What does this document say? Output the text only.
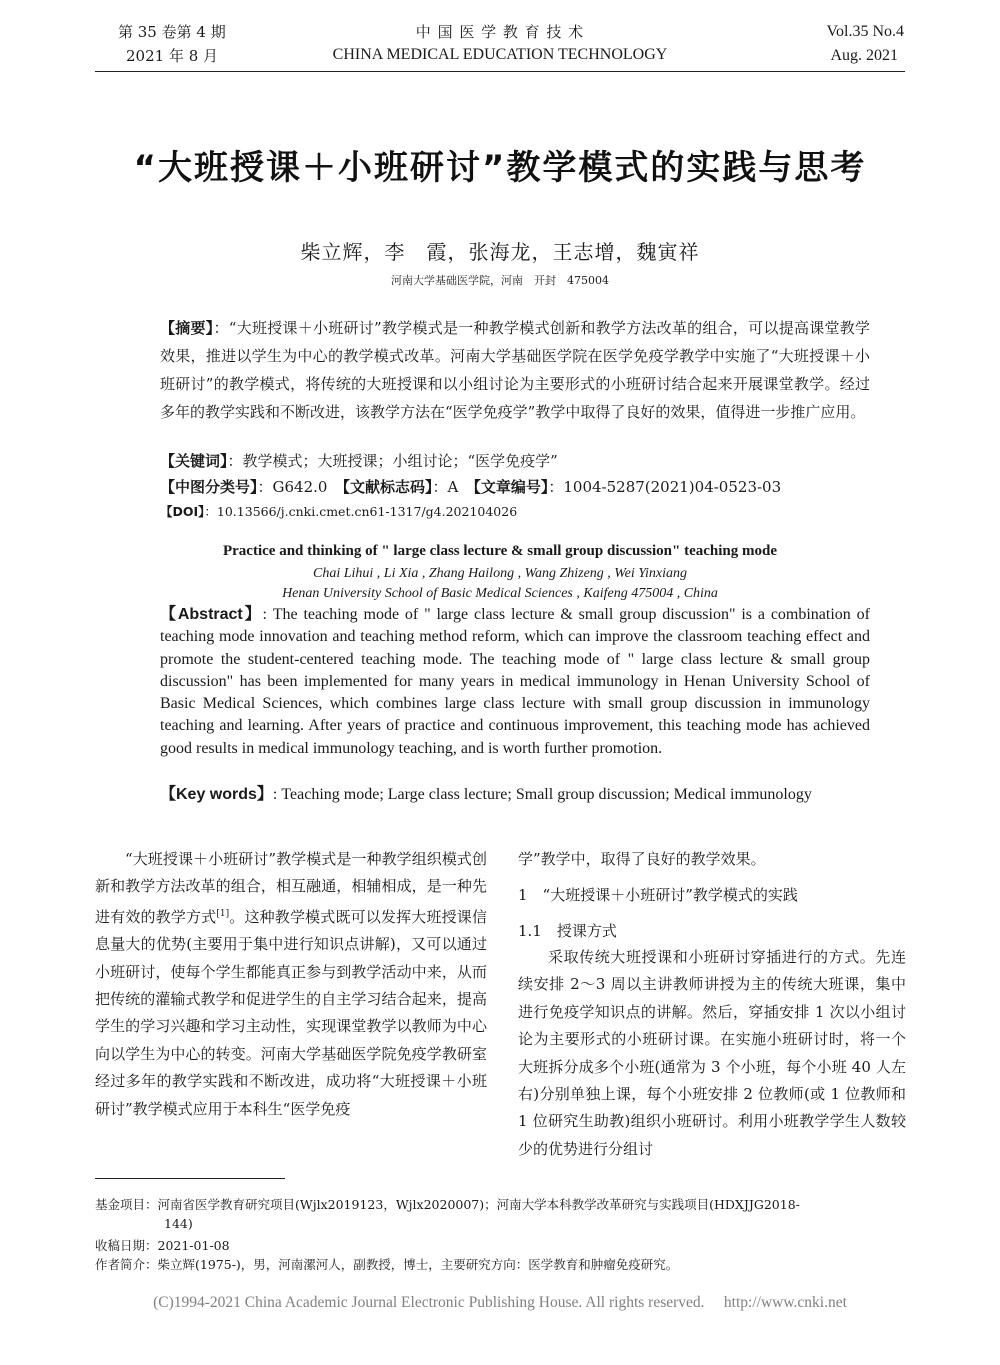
第 35 卷第 4 期
2021 年 8 月
中 国 医 学 教 育 技 术
CHINA MEDICAL EDUCATION TECHNOLOGY
Vol.35 No.4
Aug. 2021
“大班授课＋小班研讨”教学模式的实践与思考
柴立辉，李　霞，张海龙，王志增，魏寅祥
河南大学基础医学院，河南　开封　475004
【摘要】：“大班授课＋小班研讨”教学模式是一种教学模式创新和教学方法改革的组合，可以提高课堂教学效果，推进以学生为中心的教学模式改革。河南大学基础医学院在医学免疫学教学中实施了“大班授课＋小班研讨”的教学模式，将传统的大班授课和以小组讨论为主要形式的小班研讨结合起来开展课堂教学。经过多年的教学实践和不断改进，该教学方法在“医学免疫学”教学中取得了良好的效果，值得进一步推广应用。
【关键词】：教学模式；大班授课；小组讨论；“医学免疫学”
【中图分类号】：G642.0　 【文献标志码】：A　 【文章编号】：1004-5287(2021)04-0523-03
【DOI】：10.13566/j.cnki.cmet.cn61-1317/g4.202104026
Practice and thinking of " large class lecture & small group discussion" teaching mode
Chai Lihui , Li Xia , Zhang Hailong , Wang Zhizeng , Wei Yinxiang
Henan University School of Basic Medical Sciences , Kaifeng 475004 , China
【Abstract】: The teaching mode of " large class lecture & small group discussion" is a combination of teaching mode innovation and teaching method reform, which can improve the classroom teaching effect and promote the student-centered teaching mode. The teaching mode of " large class lecture & small group discussion" has been implemented for many years in medical immunology in Henan University School of Basic Medical Sciences, which combines large class lecture with small group discussion in immunology teaching and learning. After years of practice and continuous improvement, this teaching mode has achieved good results in medical immunology teaching, and is worth further promotion.
【Key words】: Teaching mode; Large class lecture; Small group discussion; Medical immunology
“大班授课＋小班研讨”教学模式是一种教学组织模式创新和教学方法改革的组合，相互融通，相辅相成，是一种先进有效的教学方式[1]。这种教学模式既可以发挥大班授课信息量大的优势(主要用于集中进行知识点讲解)，又可以通过小班研讨，使每个学生都能真正参与到教学活动中来，从而把传统的灌输式教学和促进学生的自主学习结合起来，提高学生的学习兴趣和学习主动性，实现课堂教学以教师为中心向以学生为中心的转变。河南大学基础医学院免疫学教研室经过多年的教学实践和不断改进，成功将“大班授课＋小班研讨”教学模式应用于本科生“医学免疫
学”教学中，取得了良好的教学效果。
1　“大班授课＋小班研讨”教学模式的实践
1.1　授课方式
采取传统大班授课和小班研讨穿插进行的方式。先连续安排 2～3 周以主讲教师讲授为主的传统大班课，集中进行免疫学知识点的讲解。然后，穿插安排 1 次以小组讨论为主要形式的小班研讨课。在实施小班研讨时，将一个大班拆分成多个小班(通常为 3 个小班，每个小班 40 人左右)分别单独上课，每个小班安排 2 位教师(或 1 位教师和 1 位研究生助教)组织小班研讨。利用小班教学学生人数较少的优势进行分组讨
基金项目：河南省医学教育研究项目(Wjlx2019123，Wjlx2020007)；河南大学本科教学改革研究与实践项目(HDXJJG2018-
144)
收稿日期：2021-01-08
作者简介：柴立辉(1975-)，男，河南漯河人，副教授，博士，主要研究方向：医学教育和肿瘤免疫研究。
(C)1994-2021 China Academic Journal Electronic Publishing House. All rights reserved.　 http://www.cnki.net
